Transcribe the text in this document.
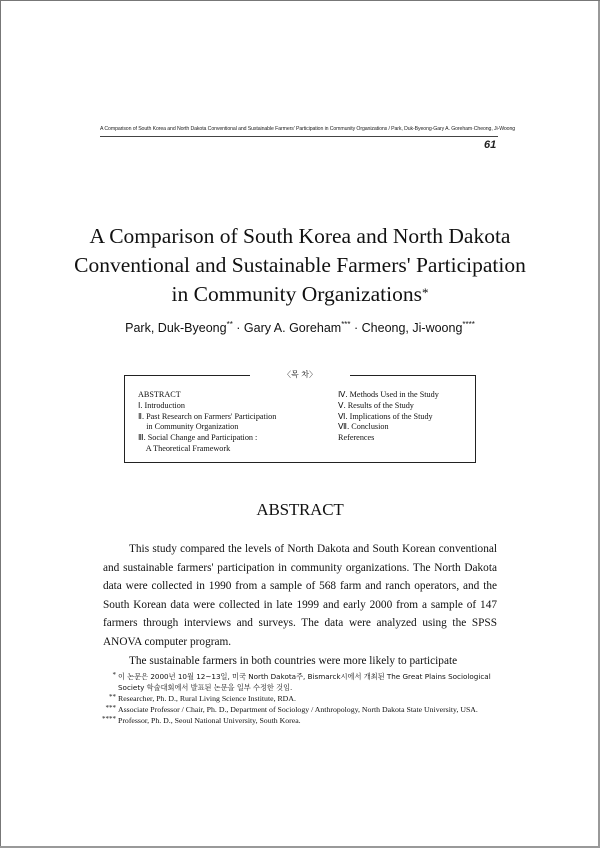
A Comparison of South Korea and North Dakota Conventional and Sustainable Farmers' Participation in Community Organizations / Park, Duk-Byeong·Gary A. Goreham·Cheong, Ji-Woong
61
A Comparison of South Korea and North Dakota
Conventional and Sustainable Farmers' Participation
in Community Organizations*
Park, Duk-Byeong** · Gary A. Goreham*** · Cheong, Ji-woong****
〈목 차〉
ABSTRACT
Ⅰ. Introduction
Ⅱ. Past Research on Farmers' Participation
in Community Organization
Ⅲ. Social Change and Participation :
A Theoretical Framework
Ⅳ. Methods Used in the Study
Ⅴ. Results of the Study
Ⅵ. Implications of the Study
Ⅶ. Conclusion
References
ABSTRACT

This study compared the levels of North Dakota and South Korean conventional and sustainable farmers' participation in community organizations. The North Dakota data were collected in 1990 from a sample of 568 farm and ranch operators, and the South Korean data were collected in late 1999 and early 2000 from a sample of 147 farmers through interviews and surveys. The data were analyzed using the SPSS ANOVA computer program.

The sustainable farmers in both countries were more likely to participate

* 이 논문은 2000년 10월 12~13일, 미국 North Dakota주, Bismarck시에서 개최된 The Great Plains Sociological Society 학술대회에서 발표된 논문을 일부 수정한 것임.
** Researcher, Ph. D., Rural Living Science Institute, RDA.
*** Associate Professor / Chair, Ph. D., Department of Sociology / Anthropology, North Dakota State University, USA.
**** Professor, Ph. D., Seoul National University, South Korea.
